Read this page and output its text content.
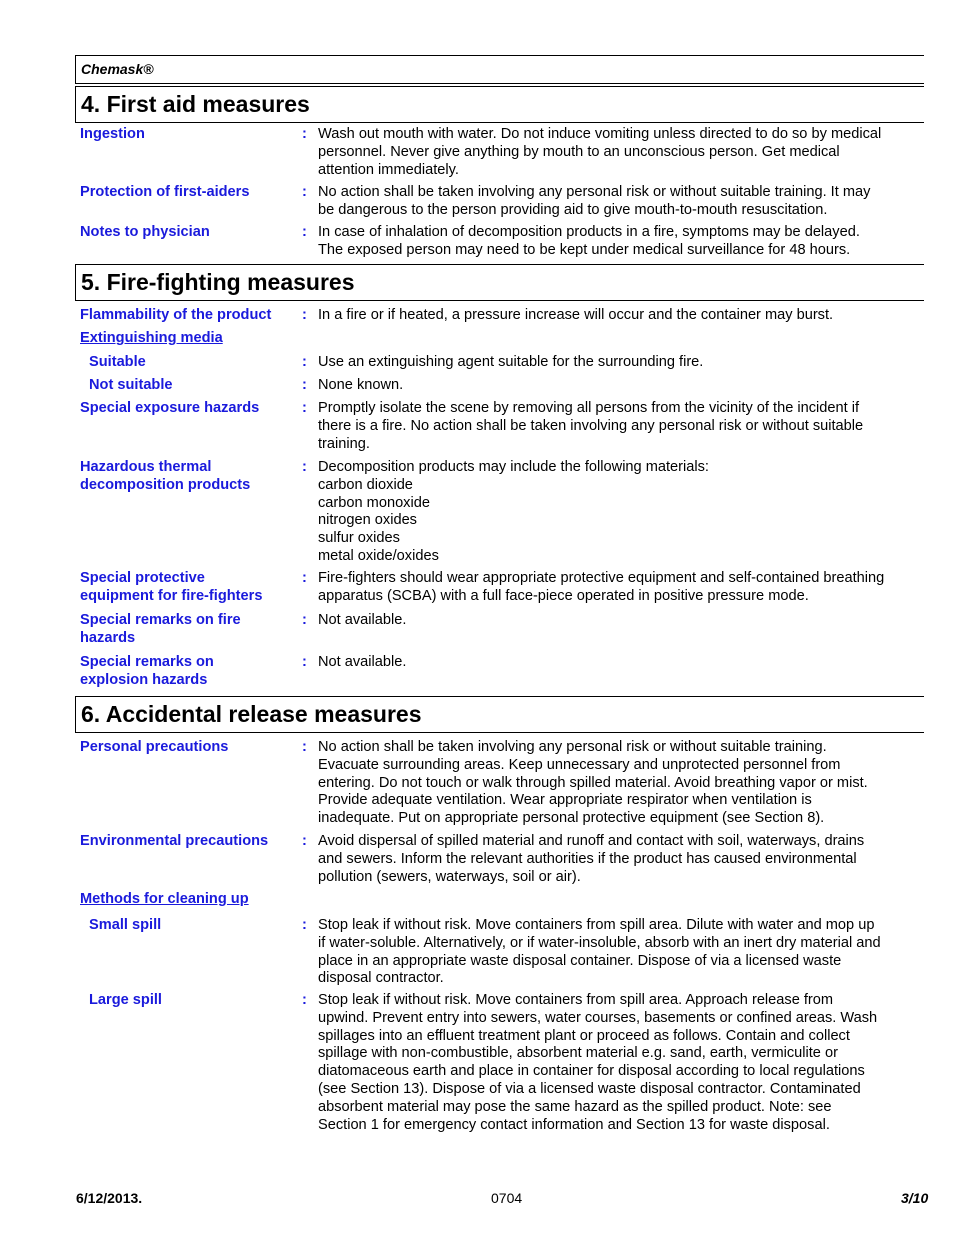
Chemask®
4. First aid measures
Ingestion	: Wash out mouth with water. Do not induce vomiting unless directed to do so by medical
personnel. Never give anything by mouth to an unconscious person. Get medical
attention immediately.
Protection of first-aiders	: No action shall be taken involving any personal risk or without suitable training. It may
be dangerous to the person providing aid to give mouth-to-mouth resuscitation.
Notes to physician	: In case of inhalation of decomposition products in a fire, symptoms may be delayed.
The exposed person may need to be kept under medical surveillance for 48 hours.
5. Fire-fighting measures
Flammability of the product	: In a fire or if heated, a pressure increase will occur and the container may burst.
Extinguishing media
Suitable	: Use an extinguishing agent suitable for the surrounding fire.
Not suitable	: None known.
Special exposure hazards	: Promptly isolate the scene by removing all persons from the vicinity of the incident if
there is a fire. No action shall be taken involving any personal risk or without suitable
training.
Hazardous thermal
decomposition products
: Decomposition products may include the following materials:
carbon dioxide
carbon monoxide
nitrogen oxides
sulfur oxides
metal oxide/oxides
Special protective
equipment for fire-fighters
: Fire-fighters should wear appropriate protective equipment and self-contained breathing
apparatus (SCBA) with a full face-piece operated in positive pressure mode.
Special remarks on fire
hazards
: Not available.
Special remarks on
explosion hazards
: Not available.
6. Accidental release measures
Personal precautions	: No action shall be taken involving any personal risk or without suitable training.
Evacuate surrounding areas. Keep unnecessary and unprotected personnel from
entering. Do not touch or walk through spilled material. Avoid breathing vapor or mist.
Provide adequate ventilation. Wear appropriate respirator when ventilation is
inadequate. Put on appropriate personal protective equipment (see Section 8).
Environmental precautions	: Avoid dispersal of spilled material and runoff and contact with soil, waterways, drains
and sewers. Inform the relevant authorities if the product has caused environmental
pollution (sewers, waterways, soil or air).
Methods for cleaning up
Small spill	: Stop leak if without risk. Move containers from spill area. Dilute with water and mop up
if water-soluble. Alternatively, or if water-insoluble, absorb with an inert dry material and
place in an appropriate waste disposal container. Dispose of via a licensed waste
disposal contractor.
Large spill	: Stop leak if without risk. Move containers from spill area. Approach release from
upwind. Prevent entry into sewers, water courses, basements or confined areas. Wash
spillages into an effluent treatment plant or proceed as follows. Contain and collect
spillage with non-combustible, absorbent material e.g. sand, earth, vermiculite or
diatomaceous earth and place in container for disposal according to local regulations
(see Section 13). Dispose of via a licensed waste disposal contractor. Contaminated
absorbent material may pose the same hazard as the spilled product. Note: see
Section 1 for emergency contact information and Section 13 for waste disposal.
6/12/2013.	0704	3/10
